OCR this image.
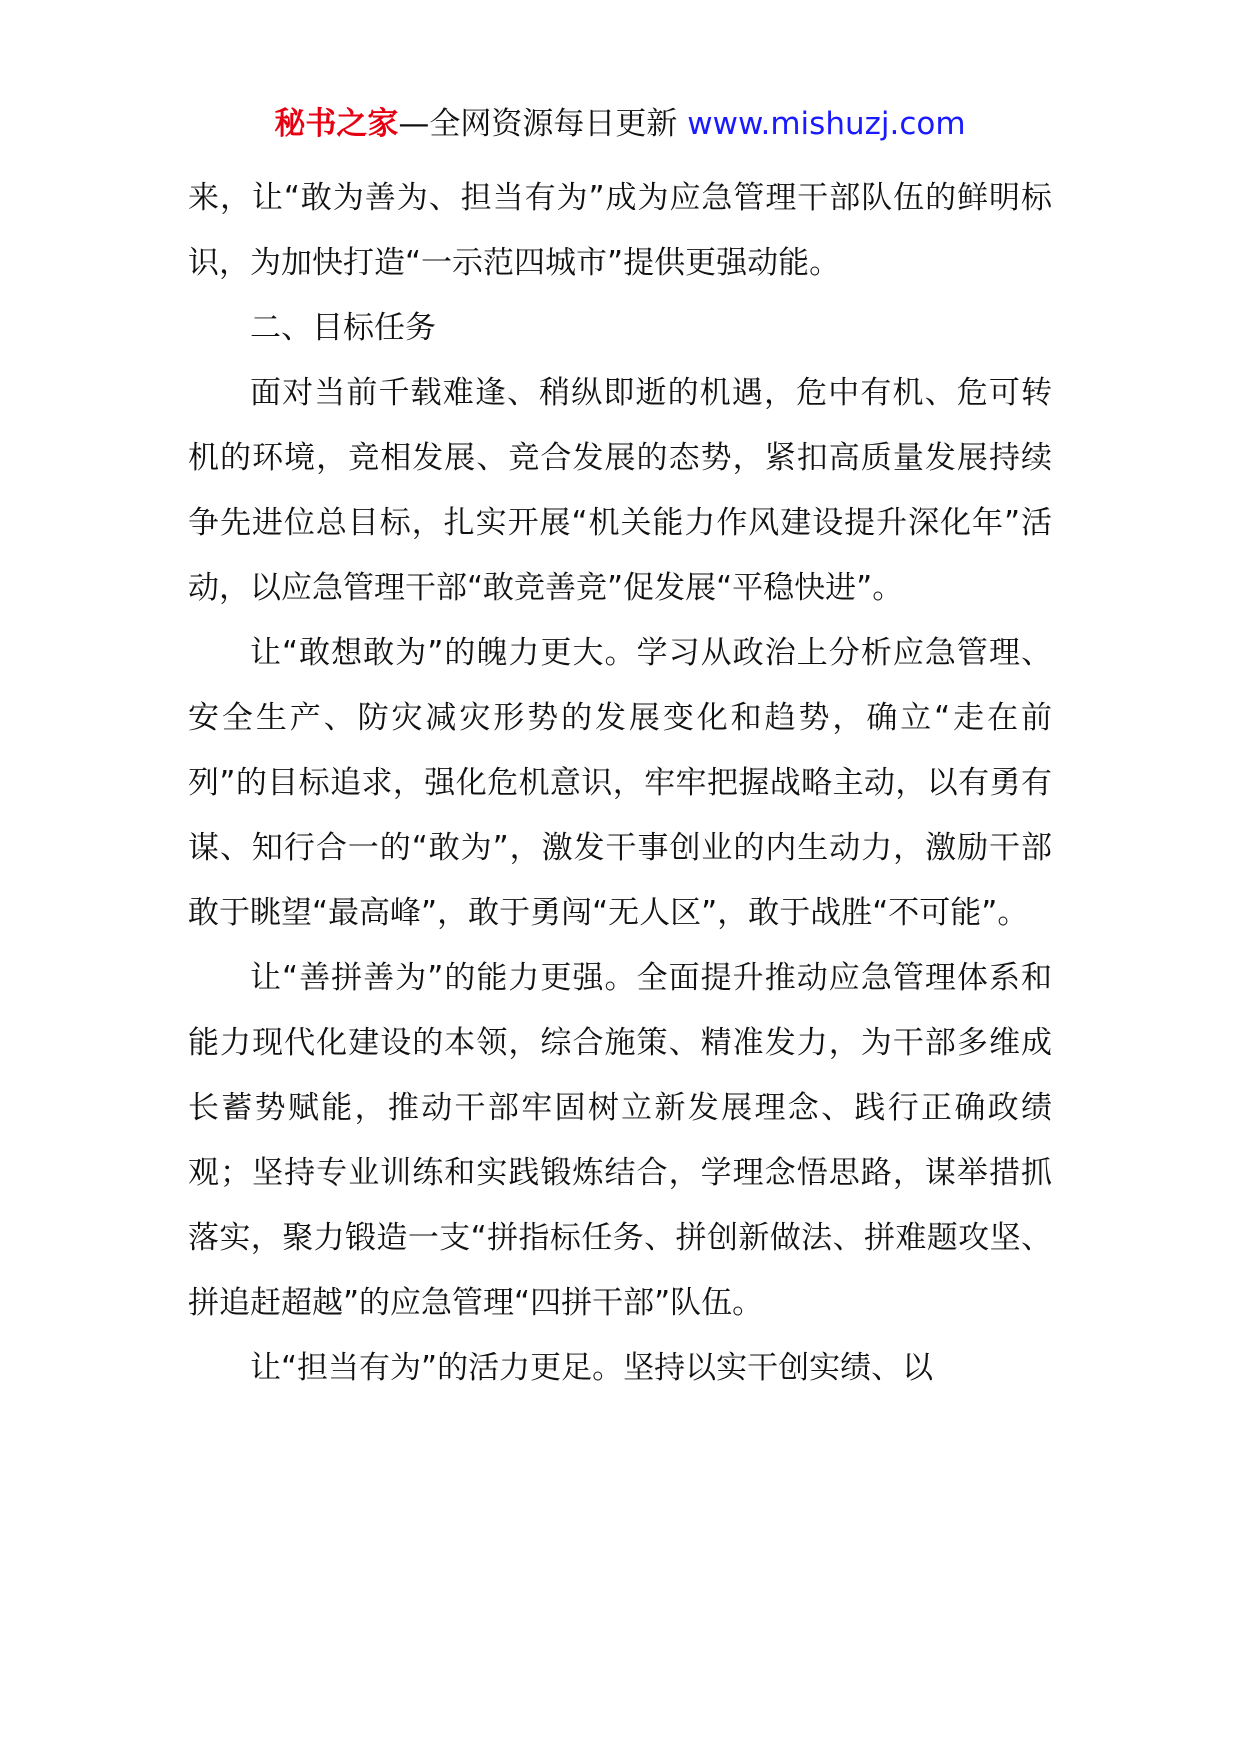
秘书之家—全网资源每日更新 www.mishuzj.com

来，让“敢为善为、担当有为”成为应急管理干部队伍的鲜明标识，为加快打造“一示范四城市”提供更强动能。

二、目标任务

面对当前千载难逢、稍纵即逝的机遇，危中有机、危可转机的环境，竞相发展、竞合发展的态势，紧扣高质量发展持续争先进位总目标，扎实开展“机关能力作风建设提升深化年”活动，以应急管理干部“敢竞善竞”促发展“平稳快进”。

让“敢想敢为”的魄力更大。学习从政治上分析应急管理、安全生产、防灾减灾形势的发展变化和趋势，确立“走在前列”的目标追求，强化危机意识，牢牢把握战略主动，以有勇有谋、知行合一的“敢为”，激发干事创业的内生动力，激励干部敢于眺望“最高峰”，敢于勇闯“无人区”，敢于战胜“不可能”。

让“善拼善为”的能力更强。全面提升推动应急管理体系和能力现代化建设的本领，综合施策、精准发力，为干部多维成长蓄势赋能，推动干部牢固树立新发展理念、践行正确政绩观；坚持专业训练和实践锻炼结合，学理念悟思路，谋举措抓落实，聚力锻造一支“拼指标任务、拼创新做法、拼难题攻坚、拼追赶超越”的应急管理“四拼干部”队伍。

让“担当有为”的活力更足。坚持以实干创实绩、以
